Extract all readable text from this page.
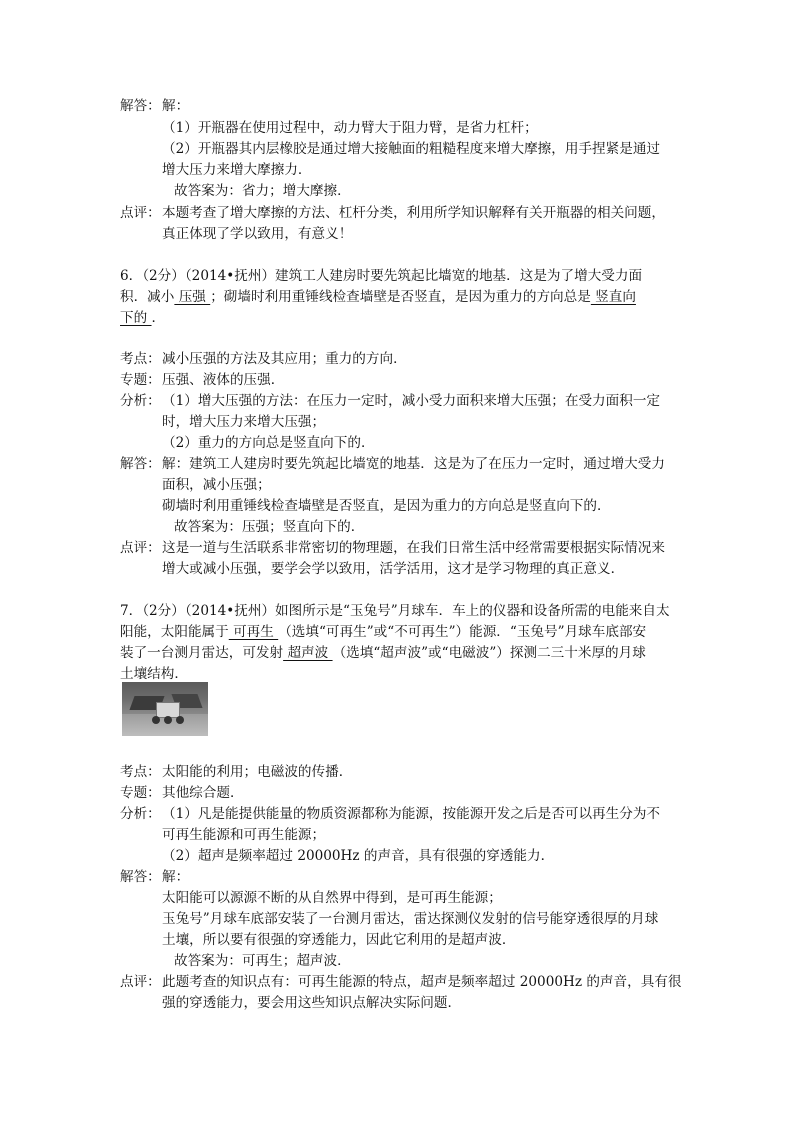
解答： 解：
（1）开瓶器在使用过程中，动力臂大于阻力臂，是省力杠杆；
（2）开瓶器其内层橡胶是通过增大接触面的粗糙程度来增大摩擦，用手捏紧是通过
增大压力来增大摩擦力．
故答案为：省力；增大摩擦．
点评： 本题考查了增大摩擦的方法、杠杆分类，利用所学知识解释有关开瓶器的相关问题，
真正体现了学以致用，有意义！
6．（2分）（2014•抚州）建筑工人建房时要先筑起比墙宽的地基．这是为了增大受力面
积．减小 压强 ；砌墙时利用重锤线检查墙壁是否竖直，是因为重力的方向总是 竖直向
下的 ．
考点： 减小压强的方法及其应用；重力的方向．
专题： 压强、液体的压强．
分析： （1）增大压强的方法：在压力一定时，减小受力面积来增大压强；在受力面积一定
时，增大压力来增大压强；
（2）重力的方向总是竖直向下的．
解答： 解：建筑工人建房时要先筑起比墙宽的地基．这是为了在压力一定时，通过增大受力
面积，减小压强；
砌墙时利用重锤线检查墙壁是否竖直，是因为重力的方向总是竖直向下的．
故答案为：压强；竖直向下的．
点评： 这是一道与生活联系非常密切的物理题，在我们日常生活中经常需要根据实际情况来
增大或减小压强，要学会学以致用，活学活用，这才是学习物理的真正意义．
7．（2分）（2014•抚州）如图所示是“玉兔号”月球车．车上的仪器和设备所需的电能来自太
阳能，太阳能属于 可再生 （选填“可再生”或“不可再生”）能源．“玉兔号”月球车底部安
装了一台测月雷达，可发射 超声波 （选填“超声波”或“电磁波”）探测二三十米厚的月球
土壤结构．
考点： 太阳能的利用；电磁波的传播．
专题： 其他综合题．
分析： （1）凡是能提供能量的物质资源都称为能源，按能源开发之后是否可以再生分为不
可再生能源和可再生能源；
（2）超声是频率超过 20000Hz 的声音，具有很强的穿透能力．
解答： 解：
太阳能可以源源不断的从自然界中得到，是可再生能源；
玉兔号”月球车底部安装了一台测月雷达，雷达探测仪发射的信号能穿透很厚的月球
土壤，所以要有很强的穿透能力，因此它利用的是超声波．
故答案为：可再生；超声波．
点评： 此题考查的知识点有：可再生能源的特点，超声是频率超过 20000Hz 的声音，具有很
强的穿透能力，要会用这些知识点解决实际问题．
